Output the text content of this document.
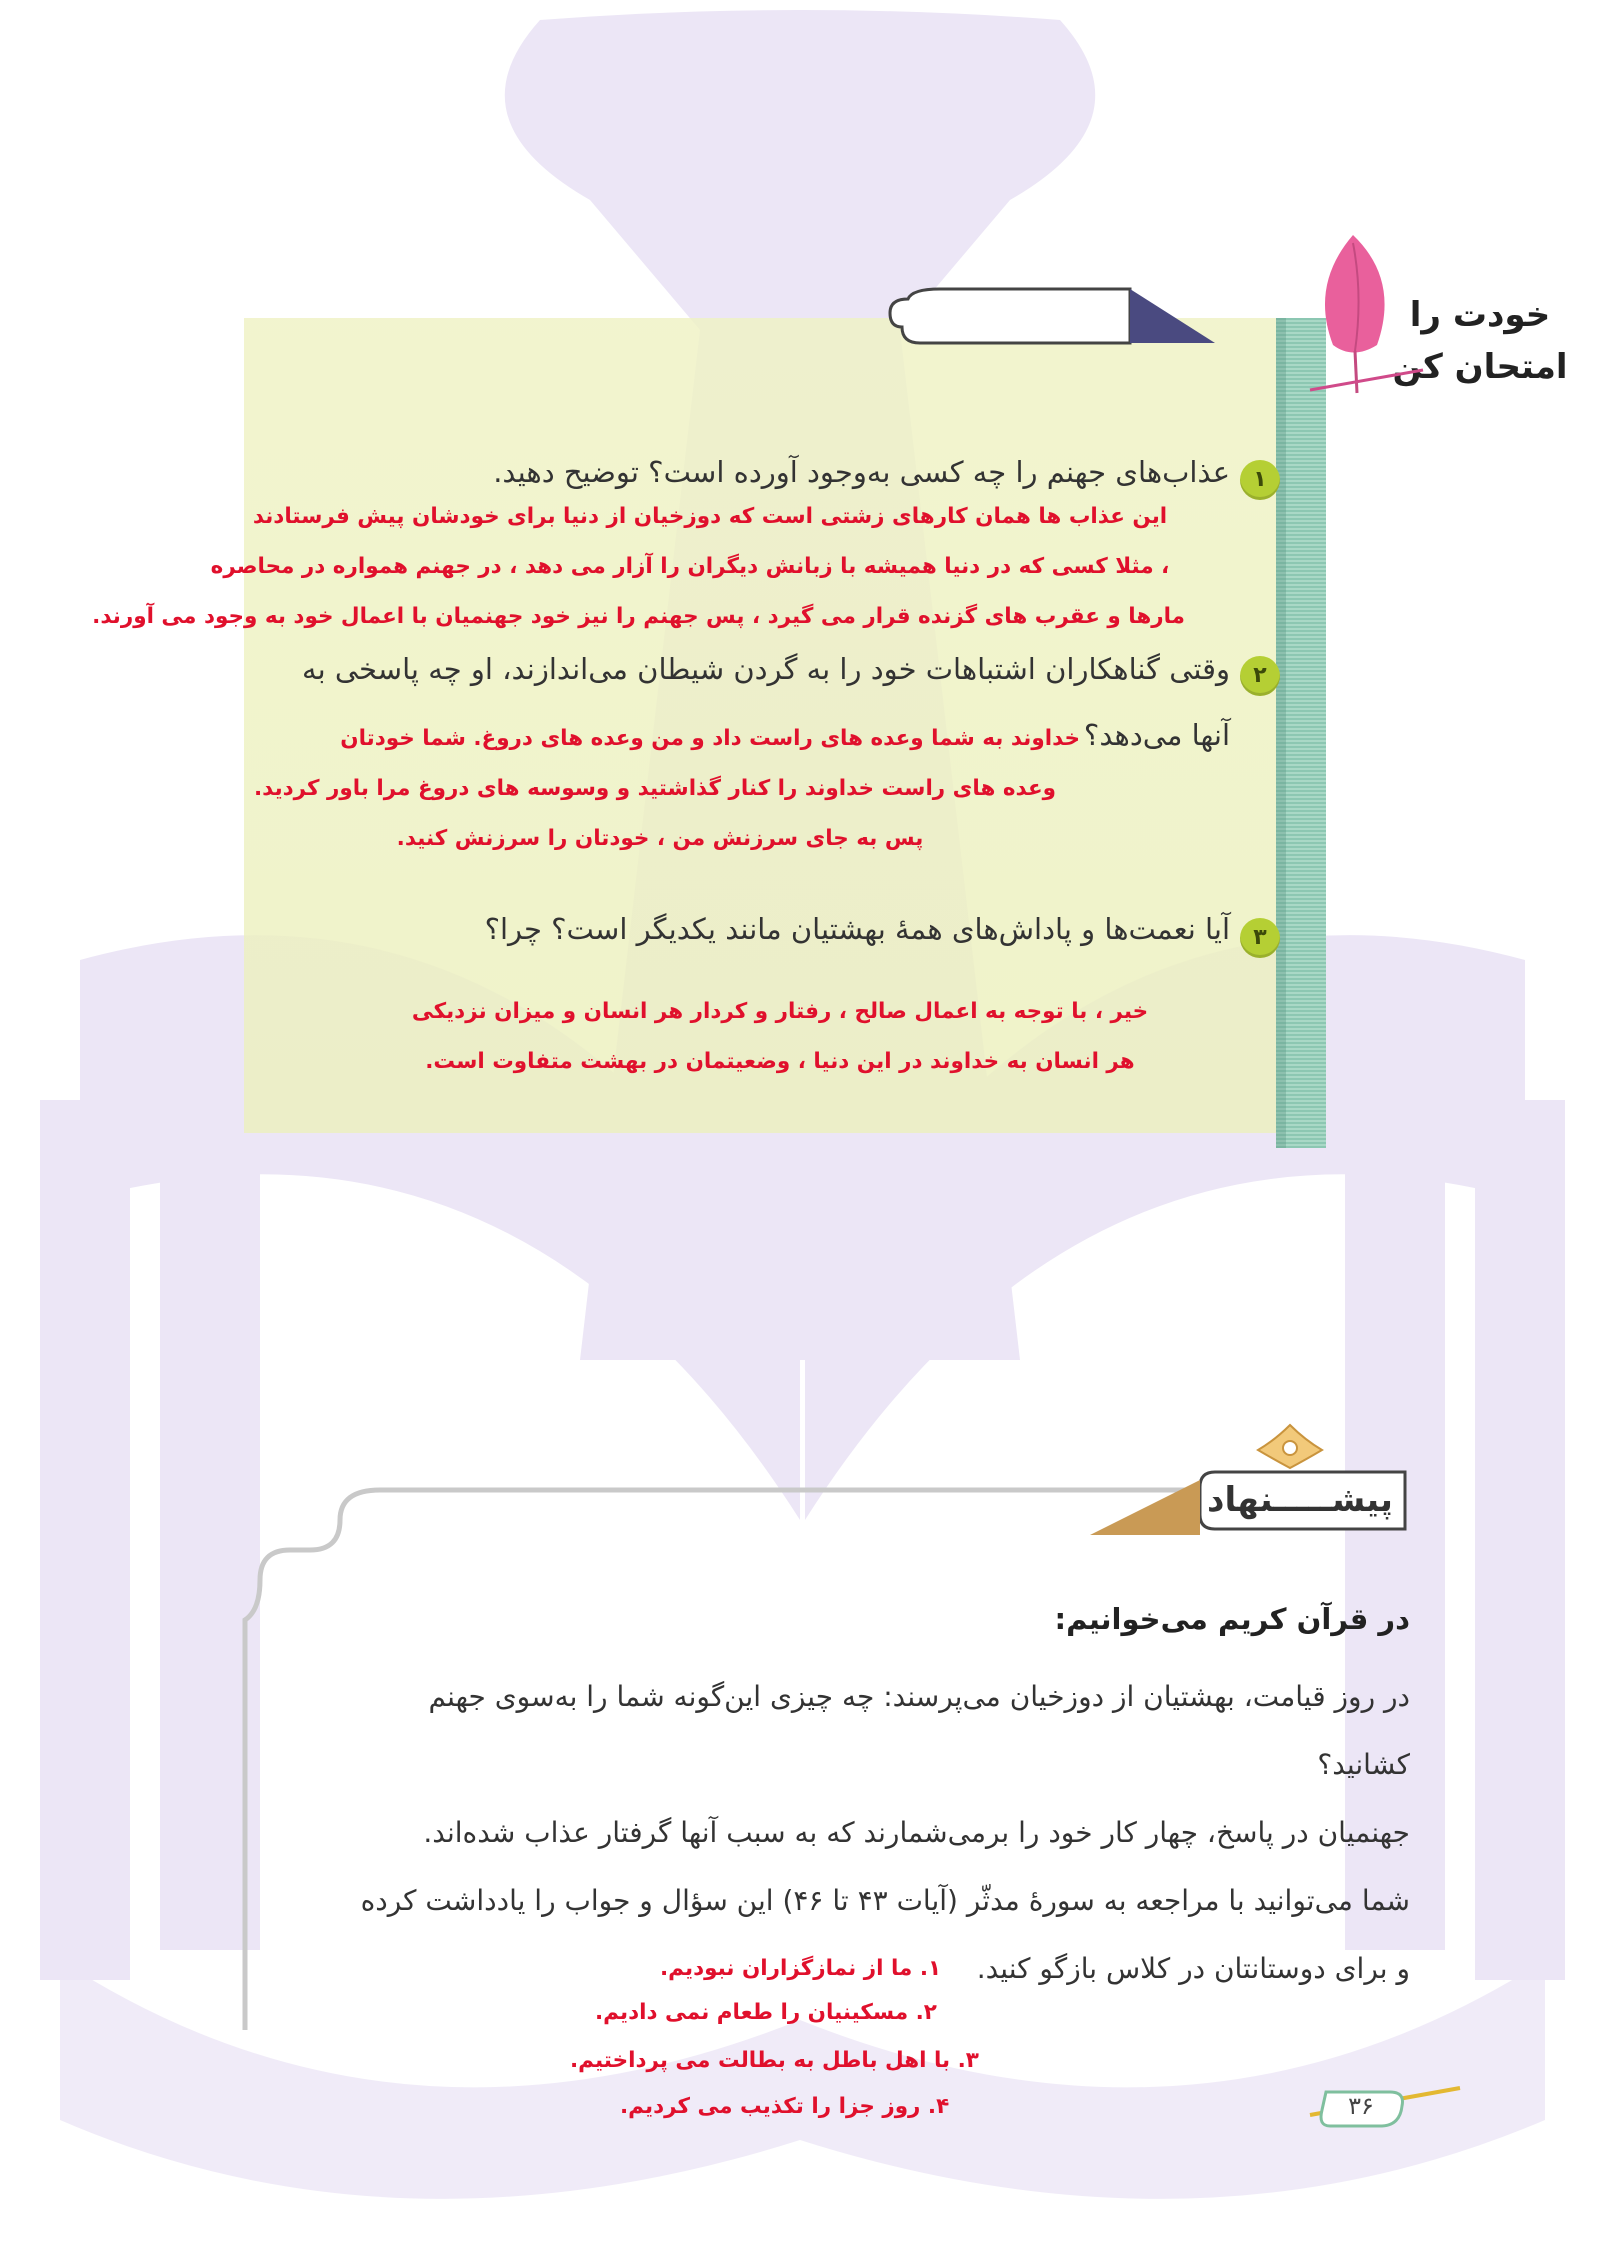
خودت را امتحان کن
۱
عذاب‌های جهنم را چه کسی به‌وجود آورده است؟ توضیح دهید.
این عذاب ها همان کارهای زشتی است که دوزخیان از دنیا برای خودشان پیش فرستادند
، مثلا کسی که در دنیا همیشه با زبانش دیگران را آزار می دهد ، در جهنم همواره در محاصره
مارها و عقرب های گزنده قرار می گیرد ، پس جهنم را نیز خود جهنمیان با اعمال خود به وجود می آورند.
۲
وقتی گناهکاران اشتباهات خود را به گردن شیطان می‌اندازند، او چه پاسخی به
آنها می‌دهد؟
خداوند به شما وعده های راست داد و من وعده های دروغ. شما خودتان
وعده های راست خداوند را کنار گذاشتید و وسوسه های دروغ مرا باور کردید.
پس به جای سرزنش من ، خودتان را سرزنش کنید.
۳
آیا نعمت‌ها و پاداش‌های همهٔ بهشتیان مانند یکدیگر است؟ چرا؟
خیر ، با توجه به اعمال صالح ، رفتار و کردار هر انسان و میزان نزدیکی
هر انسان به خداوند در این دنیا ، وضعیتمان در بهشت متفاوت است.
پیشـــــنهاد
در قرآن کریم می‌خوانیم:
در روز قیامت، بهشتیان از دوزخیان می‌پرسند: چه چیزی این‌گونه شما را به‌سوی جهنم
کشانید؟
جهنمیان در پاسخ، چهار کار خود را برمی‌شمارند که به سبب آنها گرفتار عذاب شده‌اند.
شما می‌توانید با مراجعه به سورهٔ مدثّر (آیات ۴۳ تا ۴۶) این سؤال و جواب را یادداشت کرده
و برای دوستانتان در کلاس بازگو کنید.
۱. ما از نمازگزاران نبودیم.
۲. مسکینیان را طعام نمی دادیم.
۳. با اهل باطل به بطالت می پرداختیم.
۴. روز جزا را تکذیب می کردیم.	۳۶
